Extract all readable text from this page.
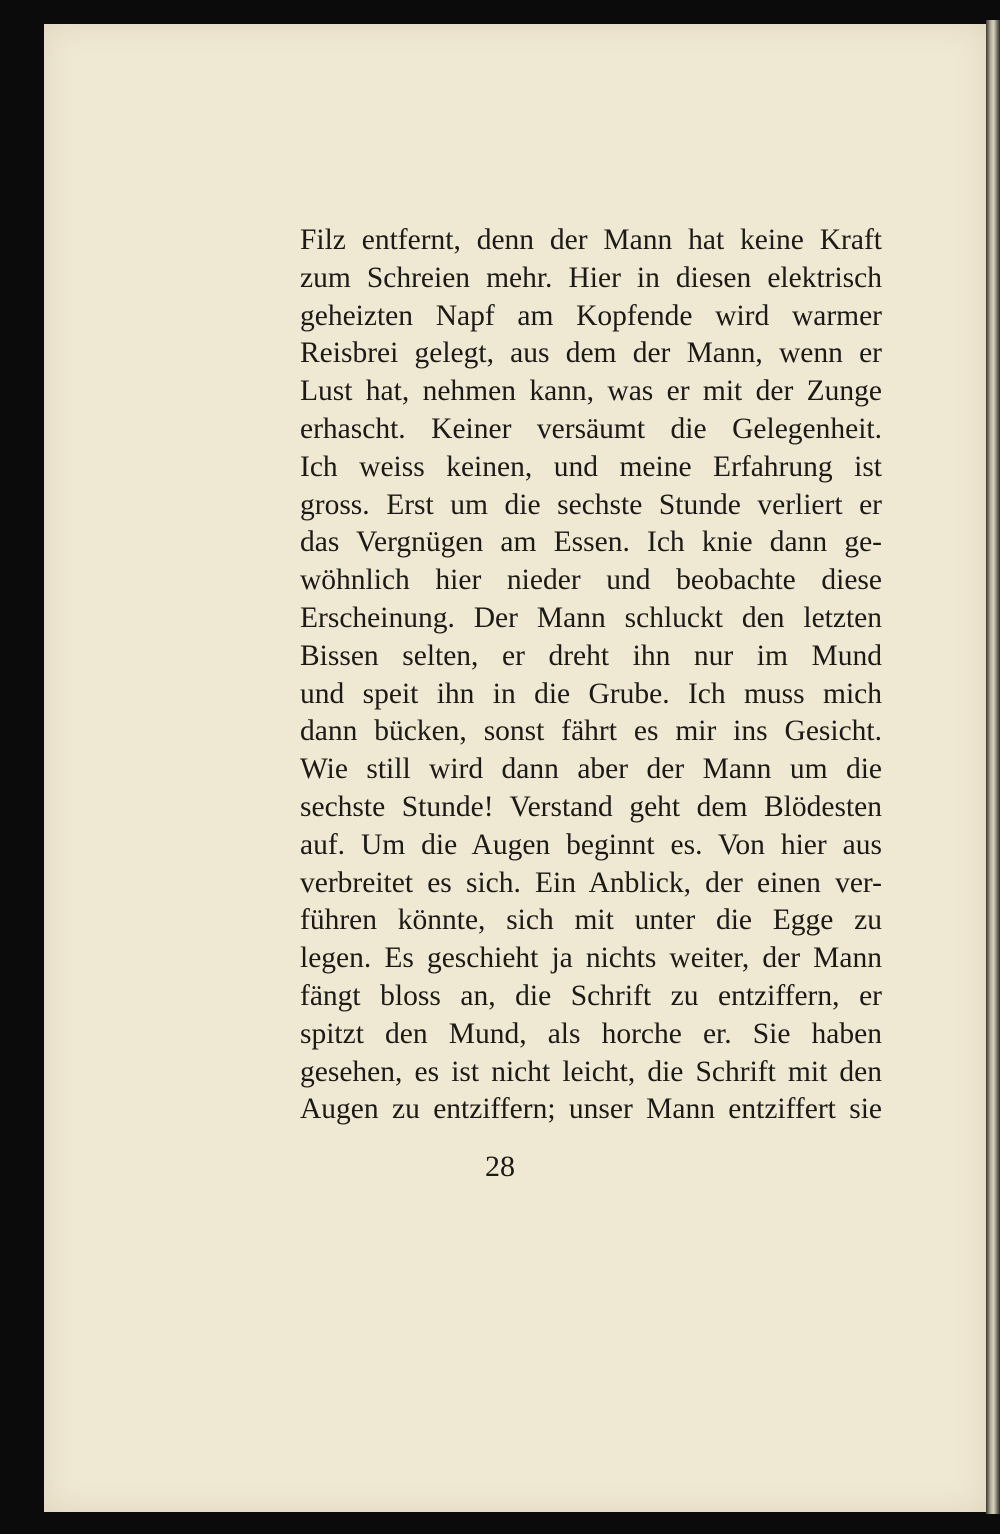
Filz entfernt, denn der Mann hat keine Kraft
zum Schreien mehr. Hier in diesen elektrisch
geheizten Napf am Kopfende wird warmer
Reisbrei gelegt, aus dem der Mann, wenn er
Lust hat, nehmen kann, was er mit der Zunge
erhascht. Keiner versäumt die Gelegenheit.
Ich weiss keinen, und meine Erfahrung ist
gross. Erst um die sechste Stunde verliert er
das Vergnügen am Essen. Ich knie dann ge-
wöhnlich hier nieder und beobachte diese
Erscheinung. Der Mann schluckt den letzten
Bissen selten, er dreht ihn nur im Mund
und speit ihn in die Grube. Ich muss mich
dann bücken, sonst fährt es mir ins Gesicht.
Wie still wird dann aber der Mann um die
sechste Stunde! Verstand geht dem Blödesten
auf. Um die Augen beginnt es. Von hier aus
verbreitet es sich. Ein Anblick, der einen ver-
führen könnte, sich mit unter die Egge zu
legen. Es geschieht ja nichts weiter, der Mann
fängt bloss an, die Schrift zu entziffern, er
spitzt den Mund, als horche er. Sie haben
gesehen, es ist nicht leicht, die Schrift mit den
Augen zu entziffern; unser Mann entziffert sie
28
